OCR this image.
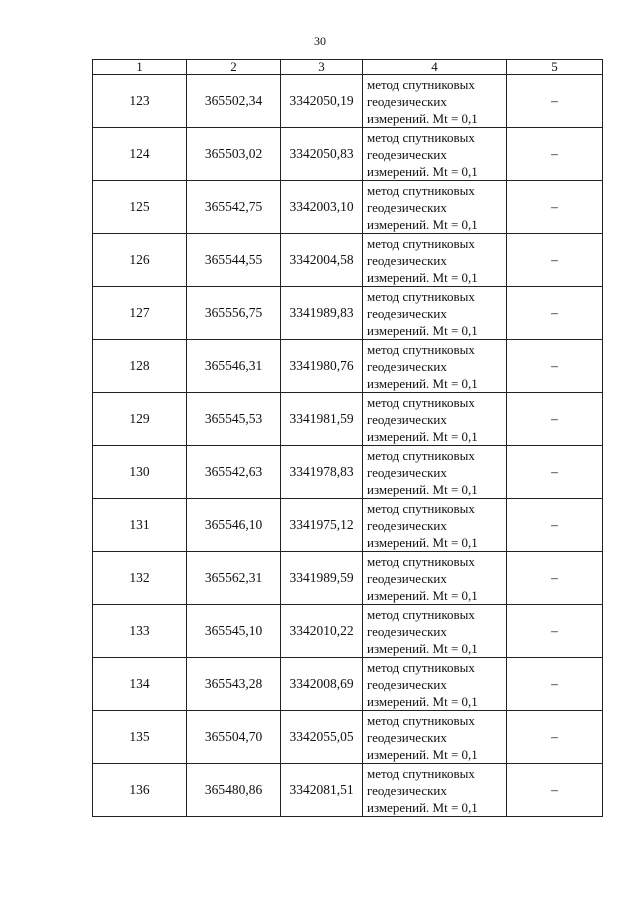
30
1	2	3	4	5
123	365502,34	3342050,19	метод спутниковых
геодезических
измерений. Mt = 0,1	–
124	365503,02	3342050,83	метод спутниковых
геодезических
измерений. Mt = 0,1	–
125	365542,75	3342003,10	метод спутниковых
геодезических
измерений. Mt = 0,1	–
126	365544,55	3342004,58	метод спутниковых
геодезических
измерений. Mt = 0,1	–
127	365556,75	3341989,83	метод спутниковых
геодезических
измерений. Mt = 0,1	–
128	365546,31	3341980,76	метод спутниковых
геодезических
измерений. Mt = 0,1	–
129	365545,53	3341981,59	метод спутниковых
геодезических
измерений. Mt = 0,1	–
130	365542,63	3341978,83	метод спутниковых
геодезических
измерений. Mt = 0,1	–
131	365546,10	3341975,12	метод спутниковых
геодезических
измерений. Mt = 0,1	–
132	365562,31	3341989,59	метод спутниковых
геодезических
измерений. Mt = 0,1	–
133	365545,10	3342010,22	метод спутниковых
геодезических
измерений. Mt = 0,1	–
134	365543,28	3342008,69	метод спутниковых
геодезических
измерений. Mt = 0,1	–
135	365504,70	3342055,05	метод спутниковых
геодезических
измерений. Mt = 0,1	–
136	365480,86	3342081,51	метод спутниковых
геодезических
измерений. Mt = 0,1	–
